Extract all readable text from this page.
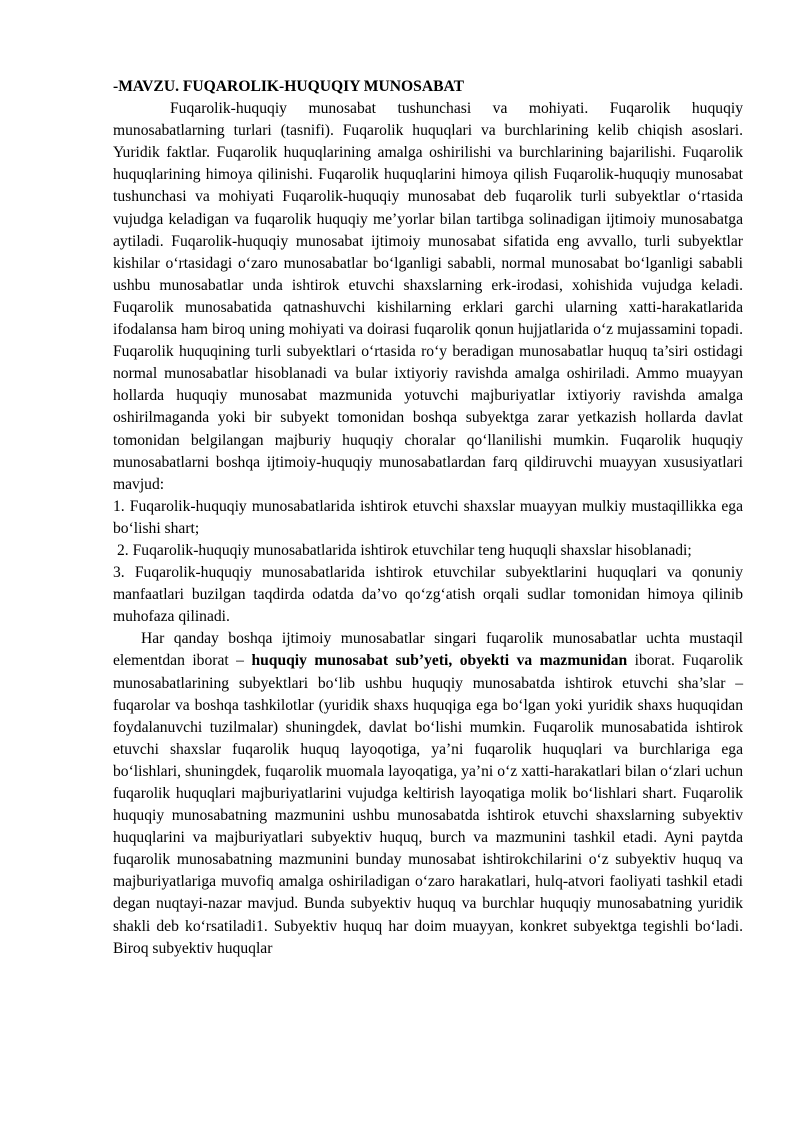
-MAVZU. FUQAROLIK-HUQUQIY MUNOSABAT

Fuqarolik-huquqiy munosabat tushunchasi va mohiyati. Fuqarolik huquqiy munosabatlarning turlari (tasnifi). Fuqarolik huquqlari va burchlarining kelib chiqish asoslari. Yuridik faktlar. Fuqarolik huquqlarining amalga oshirilishi va burchlarining bajarilishi. Fuqarolik huquqlarining himoya qilinishi. Fuqarolik huquqlarini himoya qilish Fuqarolik-huquqiy munosabat tushunchasi va mohiyati Fuqarolik-huquqiy munosabat deb fuqarolik turli subyektlar o‘rtasida vujudga keladigan va fuqarolik huquqiy me’yorlar bilan tartibga solinadigan ijtimoiy munosabatga aytiladi. Fuqarolik-huquqiy munosabat ijtimoiy munosabat sifatida eng avvallo, turli subyektlar kishilar o‘rtasidagi o‘zaro munosabatlar bo‘lganligi sababli, normal munosabat bo‘lganligi sababli ushbu munosabatlar unda ishtirok etuvchi shaxslarning erk-irodasi, xohishida vujudga keladi. Fuqarolik munosabatida qatnashuvchi kishilarning erklari garchi ularning xatti-harakatlarida ifodalansa ham biroq uning mohiyati va doirasi fuqarolik qonun hujjatlarida o‘z mujassamini topadi. Fuqarolik huquqining turli subyektlari o‘rtasida ro‘y beradigan munosabatlar huquq ta’siri ostidagi normal munosabatlar hisoblanadi va bular ixtiyoriy ravishda amalga oshiriladi. Ammo muayyan hollarda huquqiy munosabat mazmunida yotuvchi majburiyatlar ixtiyoriy ravishda amalga oshirilmaganda yoki bir subyekt tomonidan boshqa subyektga zarar yetkazish hollarda davlat tomonidan belgilangan majburiy huquqiy choralar qo‘llanilishi mumkin. Fuqarolik huquqiy munosabatlarni boshqa ijtimoiy-huquqiy munosabatlardan farq qildiruvchi muayyan xususiyatlari mavjud:

1. Fuqarolik-huquqiy munosabatlarida ishtirok etuvchi shaxslar muayyan mulkiy mustaqillikka ega bo‘lishi shart;

2. Fuqarolik-huquqiy munosabatlarida ishtirok etuvchilar teng huquqli shaxslar hisoblanadi;

3. Fuqarolik-huquqiy munosabatlarida ishtirok etuvchilar subyektlarini huquqlari va qonuniy manfaatlari buzilgan taqdirda odatda da’vo qo‘zg‘atish orqali sudlar tomonidan himoya qilinib muhofaza qilinadi.

Har qanday boshqa ijtimoiy munosabatlar singari fuqarolik munosabatlar uchta mustaqil elementdan iborat – huquqiy munosabat sub’yeti, obyekti va mazmunidan iborat. Fuqarolik munosabatlarining subyektlari bo‘lib ushbu huquqiy munosabatda ishtirok etuvchi sha’slar – fuqarolar va boshqa tashkilotlar (yuridik shaxs huquqiga ega bo‘lgan yoki yuridik shaxs huquqidan foydalanuvchi tuzilmalar) shuningdek, davlat bo‘lishi mumkin. Fuqarolik munosabatida ishtirok etuvchi shaxslar fuqarolik huquq layoqotiga, ya’ni fuqarolik huquqlari va burchlariga ega bo‘lishlari, shuningdek, fuqarolik muomala layoqatiga, ya’ni o‘z xatti-harakatlari bilan o‘zlari uchun fuqarolik huquqlari majburiyatlarini vujudga keltirish layoqatiga molik bo‘lishlari shart. Fuqarolik huquqiy munosabatning mazmunini ushbu munosabatda ishtirok etuvchi shaxslarning subyektiv huquqlarini va majburiyatlari subyektiv huquq, burch va mazmunini tashkil etadi. Ayni paytda fuqarolik munosabatning mazmunini bunday munosabat ishtirokchilarini o‘z subyektiv huquq va majburiyatlariga muvofiq amalga oshiriladigan o‘zaro harakatlari, hulq-atvori faoliyati tashkil etadi degan nuqtayi-nazar mavjud. Bunda subyektiv huquq va burchlar huquqiy munosabatning yuridik shakli deb ko‘rsatiladi1. Subyektiv huquq har doim muayyan, konkret subyektga tegishli bo‘ladi. Biroq subyektiv huquqlar
